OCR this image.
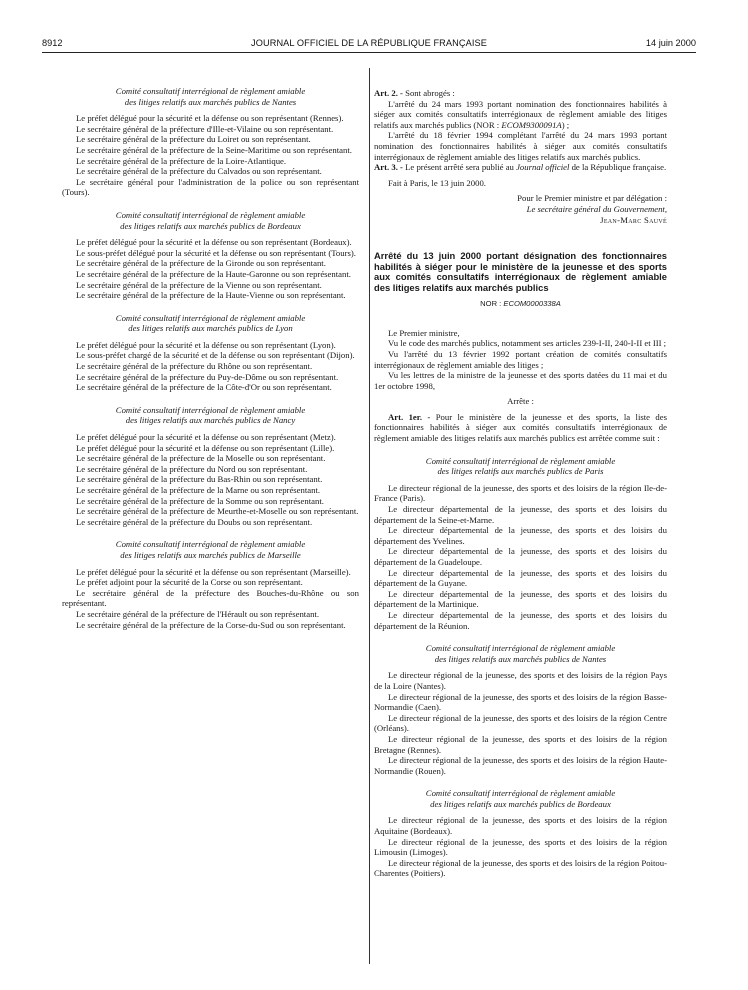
8912	JOURNAL OFFICIEL DE LA RÉPUBLIQUE FRANÇAISE	14 juin 2000

Comité consultatif interrégional de règlement amiable
des litiges relatifs aux marchés publics de Nantes

Le préfet délégué pour la sécurité et la défense ou son représentant (Rennes).

Le secrétaire général de la préfecture d'Ille-et-Vilaine ou son représentant.

Le secrétaire général de la préfecture du Loiret ou son représentant.

Le secrétaire général de la préfecture de la Seine-Maritime ou son représentant.

Le secrétaire général de la préfecture de la Loire-Atlantique.

Le secrétaire général de la préfecture du Calvados ou son représentant.

Le secrétaire général pour l'administration de la police ou son représentant (Tours).

Comité consultatif interrégional de règlement amiable
des litiges relatifs aux marchés publics de Bordeaux

Le préfet délégué pour la sécurité et la défense ou son représentant (Bordeaux).

Le sous-préfet délégué pour la sécurité et la défense ou son représentant (Tours).

Le secrétaire général de la préfecture de la Gironde ou son représentant.

Le secrétaire général de la préfecture de la Haute-Garonne ou son représentant.

Le secrétaire général de la préfecture de la Vienne ou son représentant.

Le secrétaire général de la préfecture de la Haute-Vienne ou son représentant.

Comité consultatif interrégional de règlement amiable
des litiges relatifs aux marchés publics de Lyon

Le préfet délégué pour la sécurité et la défense ou son représentant (Lyon).

Le sous-préfet chargé de la sécurité et de la défense ou son représentant (Dijon).

Le secrétaire général de la préfecture du Rhône ou son représentant.

Le secrétaire général de la préfecture du Puy-de-Dôme ou son représentant.

Le secrétaire général de la préfecture de la Côte-d'Or ou son représentant.

Comité consultatif interrégional de règlement amiable
des litiges relatifs aux marchés publics de Nancy

Le préfet délégué pour la sécurité et la défense ou son représentant (Metz).

Le préfet délégué pour la sécurité et la défense ou son représentant (Lille).

Le secrétaire général de la préfecture de la Moselle ou son représentant.

Le secrétaire général de la préfecture du Nord ou son représentant.

Le secrétaire général de la préfecture du Bas-Rhin ou son représentant.

Le secrétaire général de la préfecture de la Marne ou son représentant.

Le secrétaire général de la préfecture de la Somme ou son représentant.

Le secrétaire général de la préfecture de Meurthe-et-Moselle ou son représentant.

Le secrétaire général de la préfecture du Doubs ou son représentant.

Comité consultatif interrégional de règlement amiable
des litiges relatifs aux marchés publics de Marseille

Le préfet délégué pour la sécurité et la défense ou son représentant (Marseille).

Le préfet adjoint pour la sécurité de la Corse ou son représentant.

Le secrétaire général de la préfecture des Bouches-du-Rhône ou son représentant.

Le secrétaire général de la préfecture de l'Hérault ou son représentant.

Le secrétaire général de la préfecture de la Corse-du-Sud ou son représentant.

Art. 2. - Sont abrogés :

L'arrêté du 24 mars 1993 portant nomination des fonctionnaires habilités à siéger aux comités consultatifs interrégionaux de règlement amiable des litiges relatifs aux marchés publics (NOR : ECOM9300091A) ;

L'arrêté du 18 février 1994 complétant l'arrêté du 24 mars 1993 portant nomination des fonctionnaires habilités à siéger aux comités consultatifs interrégionaux de règlement amiable des litiges relatifs aux marchés publics.

Art. 3. - Le présent arrêté sera publié au Journal officiel de la République française.

Fait à Paris, le 13 juin 2000.

Pour le Premier ministre et par délégation :

Le secrétaire général du Gouvernement,

Jean-Marc Sauvé

Arrêté du 13 juin 2000 portant désignation des fonctionnaires habilités à siéger pour le ministère de la jeunesse et des sports aux comités consultatifs interrégionaux de règlement amiable des litiges relatifs aux marchés publics

NOR : ECOM0000338A

Le Premier ministre,

Vu le code des marchés publics, notamment ses articles 239-I-II, 240-I-II et III ;

Vu l'arrêté du 13 février 1992 portant création de comités consultatifs interrégionaux de règlement amiable des litiges ;

Vu les lettres de la ministre de la jeunesse et des sports datées du 11 mai et du 1er octobre 1998,

Arrête :

Art. 1er. - Pour le ministère de la jeunesse et des sports, la liste des fonctionnaires habilités à siéger aux comités consultatifs interrégionaux de règlement amiable des litiges relatifs aux marchés publics est arrêtée comme suit :

Comité consultatif interrégional de règlement amiable
des litiges relatifs aux marchés publics de Paris

Le directeur régional de la jeunesse, des sports et des loisirs de la région Ile-de-France (Paris).

Le directeur départemental de la jeunesse, des sports et des loisirs du département de la Seine-et-Marne.

Le directeur départemental de la jeunesse, des sports et des loisirs du département des Yvelines.

Le directeur départemental de la jeunesse, des sports et des loisirs du département de la Guadeloupe.

Le directeur départemental de la jeunesse, des sports et des loisirs du département de la Guyane.

Le directeur départemental de la jeunesse, des sports et des loisirs du département de la Martinique.

Le directeur départemental de la jeunesse, des sports et des loisirs du département de la Réunion.

Comité consultatif interrégional de règlement amiable
des litiges relatifs aux marchés publics de Nantes

Le directeur régional de la jeunesse, des sports et des loisirs de la région Pays de la Loire (Nantes).

Le directeur régional de la jeunesse, des sports et des loisirs de la région Basse-Normandie (Caen).

Le directeur régional de la jeunesse, des sports et des loisirs de la région Centre (Orléans).

Le directeur régional de la jeunesse, des sports et des loisirs de la région Bretagne (Rennes).

Le directeur régional de la jeunesse, des sports et des loisirs de la région Haute-Normandie (Rouen).

Comité consultatif interrégional de règlement amiable
des litiges relatifs aux marchés publics de Bordeaux

Le directeur régional de la jeunesse, des sports et des loisirs de la région Aquitaine (Bordeaux).

Le directeur régional de la jeunesse, des sports et des loisirs de la région Limousin (Limoges).

Le directeur régional de la jeunesse, des sports et des loisirs de la région Poitou-Charentes (Poitiers).
